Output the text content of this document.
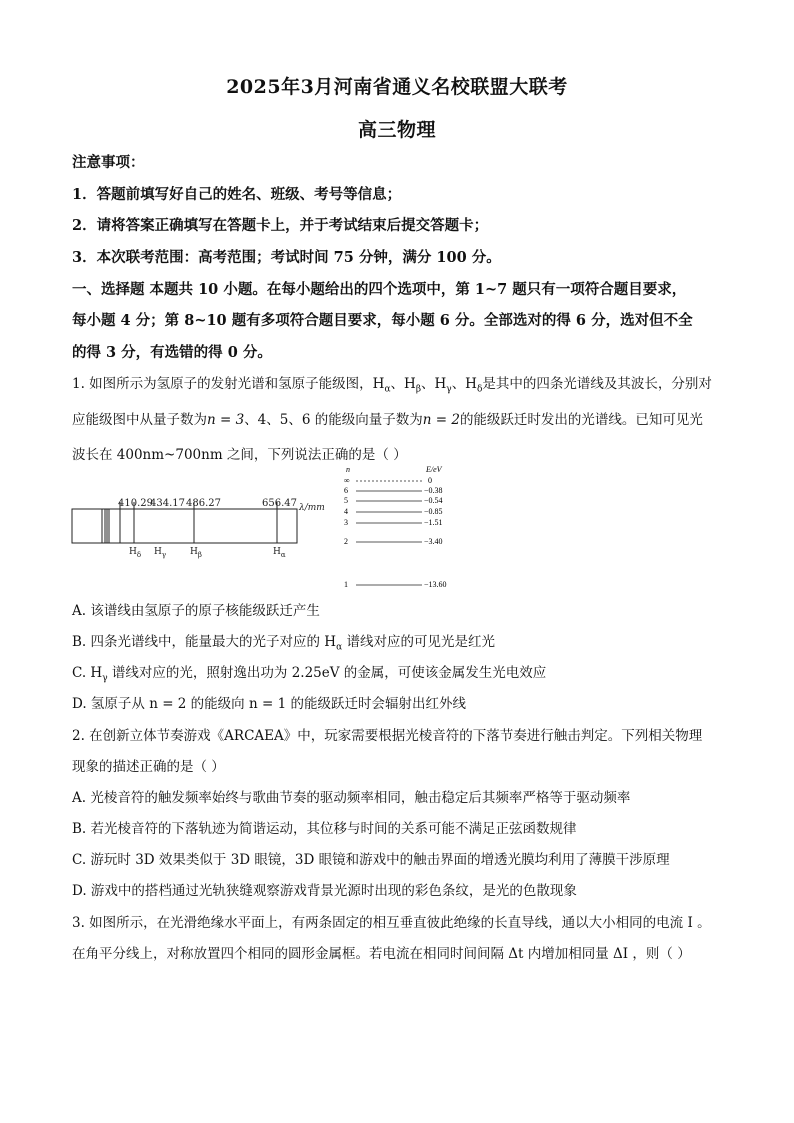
2025年3月河南省通义名校联盟大联考
高三物理
注意事项：
1．答题前填写好自己的姓名、班级、考号等信息；
2．请将答案正确填写在答题卡上，并于考试结束后提交答题卡；
3．本次联考范围：高考范围；考试时间 75 分钟，满分 100 分。
一、选择题 本题共 10 小题。在每小题给出的四个选项中，第 1~7 题只有一项符合题目要求，
每小题 4 分；第 8~10 题有多项符合题目要求，每小题 6 分。全部选对的得 6 分，选对但不全
的得 3 分，有选错的得 0 分。
1. 如图所示为氢原子的发射光谱和氢原子能级图，$H_\alpha$、$H_\beta$、$H_\gamma$、$H_\delta$是其中的四条光谱线及其波长，分别对
应能级图中从量子数为n = 3、4、5、6 的能级向量子数为n = 2的能级跃迁时发出的光谱线。已知可见光
波长在 400nm~700nm 之间，下列说法正确的是（ ）
410.29
434.17 486.27	656.47 λ/mm
$H_\delta$ $H_\gamma$	$H_\beta$	$H_\alpha$
n	E/eV
∞	0
6	−0.38
5	−0.54
4	−0.85
3	−1.51
2	−3.40
1	−13.60
A. 该谱线由氢原子的原子核能级跃迁产生
B. 四条光谱线中，能量最大的光子对应的 $H_\alpha$ 谱线对应的可见光是红光
C. $H_\gamma$ 谱线对应的光，照射逸出功为 2.25eV 的金属，可使该金属发生光电效应
D. 氢原子从 n = 2 的能级向 n = 1 的能级跃迁时会辐射出红外线
2. 在创新立体节奏游戏《ARCAEA》中，玩家需要根据光棱音符的下落节奏进行触击判定。下列相关物理
现象的描述正确的是（ ）
A. 光棱音符的触发频率始终与歌曲节奏的驱动频率相同，触击稳定后其频率严格等于驱动频率
B. 若光棱音符的下落轨迹为简谐运动，其位移与时间的关系可能不满足正弦函数规律
C. 游玩时 3D 效果类似于 3D 眼镜，3D 眼镜和游戏中的触击界面的增透光膜均利用了薄膜干涉原理
D. 游戏中的搭档通过光轨狭缝观察游戏背景光源时出现的彩色条纹，是光的色散现象
3. 如图所示，在光滑绝缘水平面上，有两条固定的相互垂直彼此绝缘的长直导线，通以大小相同的电流 I 。
在角平分线上，对称放置四个相同的圆形金属框。若电流在相同时间间隔 Δt 内增加相同量 ΔI ，则（ ）
